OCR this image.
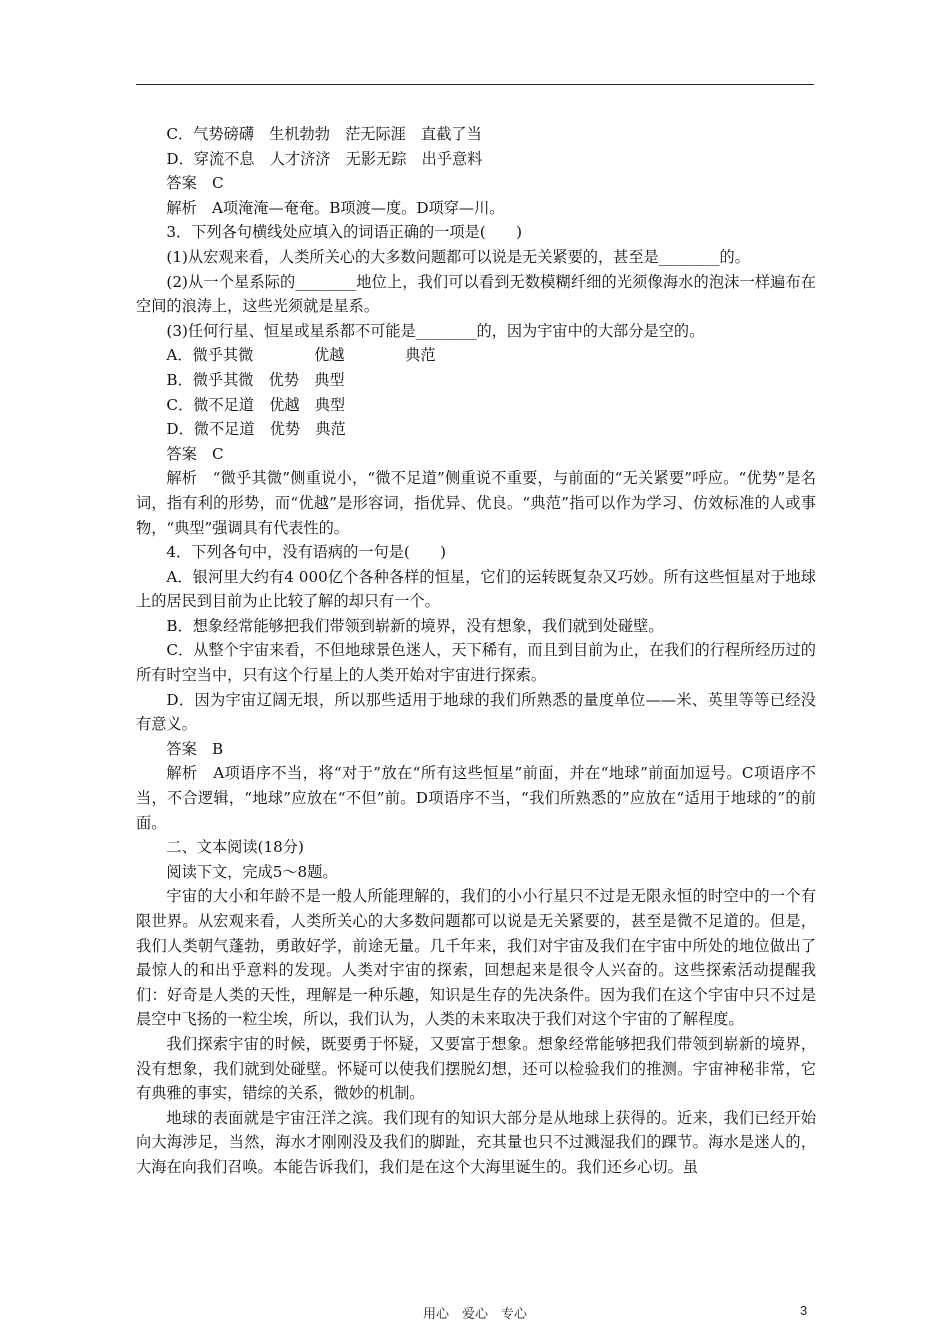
C．气势磅礴　生机勃勃　茫无际涯　直截了当

D．穿流不息　人才济济　无影无踪　出乎意料

答案　C

解析　A项淹淹—奄奄。B项渡—度。D项穿—川。

3．下列各句横线处应填入的词语正确的一项是(　　)

(1)从宏观来看，人类所关心的大多数问题都可以说是无关紧要的，甚至是________的。

(2)从一个星系际的________地位上，我们可以看到无数模糊纤细的光须像海水的泡沫一样遍布在空间的浪涛上，这些光须就是星系。

(3)任何行星、恒星或星系都不可能是________的，因为宇宙中的大部分是空的。

A．微乎其微　　　　优越　　　　典范

B．微乎其微　优势　典型

C．微不足道　优越　典型

D．微不足道　优势　典范

答案　C

解析　“微乎其微”侧重说小，“微不足道”侧重说不重要，与前面的“无关紧要”呼应。“优势”是名词，指有利的形势，而“优越”是形容词，指优异、优良。“典范”指可以作为学习、仿效标准的人或事物，“典型”强调具有代表性的。

4．下列各句中，没有语病的一句是(　　)

A．银河里大约有4 000亿个各种各样的恒星，它们的运转既复杂又巧妙。所有这些恒星对于地球上的居民到目前为止比较了解的却只有一个。

B．想象经常能够把我们带领到崭新的境界，没有想象，我们就到处碰壁。

C．从整个宇宙来看，不但地球景色迷人，天下稀有，而且到目前为止，在我们的行程所经历过的所有时空当中，只有这个行星上的人类开始对宇宙进行探索。

D．因为宇宙辽阔无垠，所以那些适用于地球的我们所熟悉的量度单位——米、英里等等已经没有意义。

答案　B

解析　A项语序不当，将“对于”放在“所有这些恒星”前面，并在“地球”前面加逗号。C项语序不当，不合逻辑，“地球”应放在“不但”前。D项语序不当，“我们所熟悉的”应放在“适用于地球的”的前面。

二、文本阅读(18分)

阅读下文，完成5～8题。

宇宙的大小和年龄不是一般人所能理解的，我们的小小行星只不过是无限永恒的时空中的一个有限世界。从宏观来看，人类所关心的大多数问题都可以说是无关紧要的，甚至是微不足道的。但是，我们人类朝气蓬勃，勇敢好学，前途无量。几千年来，我们对宇宙及我们在宇宙中所处的地位做出了最惊人的和出乎意料的发现。人类对宇宙的探索，回想起来是很令人兴奋的。这些探索活动提醒我们：好奇是人类的天性，理解是一种乐趣，知识是生存的先决条件。因为我们在这个宇宙中只不过是晨空中飞扬的一粒尘埃，所以，我们认为，人类的未来取决于我们对这个宇宙的了解程度。

我们探索宇宙的时候，既要勇于怀疑，又要富于想象。想象经常能够把我们带领到崭新的境界，没有想象，我们就到处碰壁。怀疑可以使我们摆脱幻想，还可以检验我们的推测。宇宙神秘非常，它有典雅的事实，错综的关系，微妙的机制。

地球的表面就是宇宙汪洋之滨。我们现有的知识大部分是从地球上获得的。近来，我们已经开始向大海涉足，当然，海水才刚刚没及我们的脚趾，充其量也只不过溅湿我们的踝节。海水是迷人的，大海在向我们召唤。本能告诉我们，我们是在这个大海里诞生的。我们还乡心切。虽

用心　爱心　专心	3
